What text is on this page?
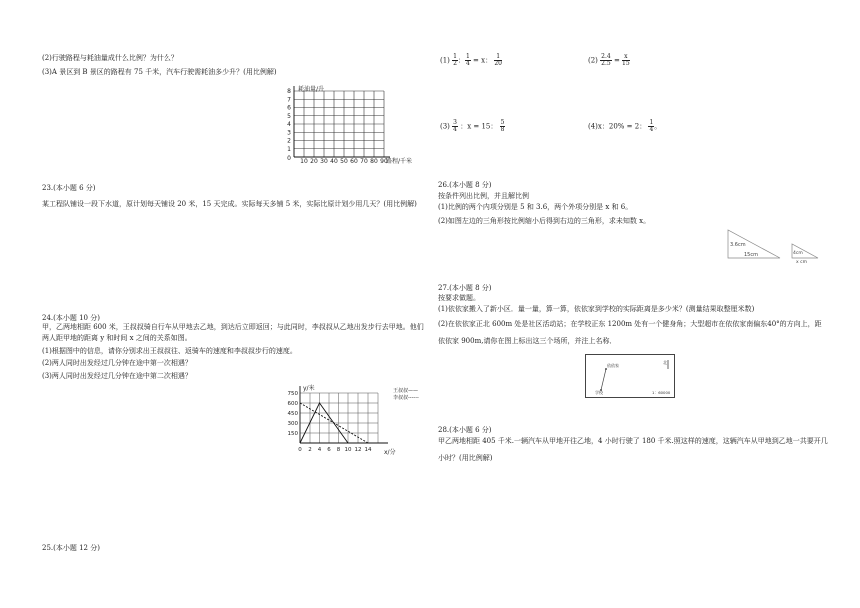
(2)行驶路程与耗油量成什么比例？为什么？
(3)A 景区到 B 景区的路程有 75 千米，汽车行驶需耗油多少升？(用比例解)
耗油量/升
路程/千米
8
7
6
5
4
3
2
1
0 10 20 30 40 50 60 70 80 90
23.(本小题 6 分)
某工程队铺设一段下水道，原计划每天铺设 20 米，15 天完成。实际每天多铺 5 米，实际比原计划少用几天？(用比例解)
24.(本小题 10 分)
甲，乙两地相距 600 米，王叔叔骑自行车从甲地去乙地，到达后立即返回；与此同时，李叔叔从乙地出发步行去甲地。他们两人距甲地的距离 y 和时间 x 之间的关系如图。
(1)根据图中的信息，请你分别求出王叔叔往、返骑车的速度和李叔叔步行的速度。
(2)两人同时出发经过几分钟在途中第一次相遇？
(3)两人同时出发经过几分钟在途中第二次相遇？
y/米
x/分
750
600
450
300
150
0 2 4 6 8 10 12 14
王叔叔——
李叔叔------
25.(本小题 12 分)
$(1) \frac{1}{2}$ ： $\frac{1}{4} = x$： $\frac{1}{20}$	$(2) \frac{2.4}{2.5} = \frac{x}{15}$
$(3) \frac{3}{4}$ ：x = 15： $\frac{5}{8}$	(4)x：20% = 2： $\frac{1}{4}$ 。
26.(本小题 8 分)
按条件列出比例，并且解比例
(1)比例的两个内项分别是 5 和 3.6，两个外项分别是 x 和 6。
(2)如图左边的三角形按比例缩小后得到右边的三角形，求未知数 x。
3.6cm
15cm	4cm
x cm
27.(本小题 8 分)
按要求做题。
(1)依依家搬入了新小区．量一量，算一算，依依家到学校的实际距离是多少米？(测量结果取整厘米数)
(2)在依依家正北 600m 处是社区活动站；在学校正东 1200m 处有一个健身角；大型超市在依依家南偏东40°的方向上，距依依家 900m,请你在图上标出这三个场所，并注上名称．
依依家
学校
北
1：60000
28.(本小题 6 分)
甲乙两地相距 405 千米.一辆汽车从甲地开往乙地，4 小时行驶了 180 千米.照这样的速度，这辆汽车从甲地到乙地一共要开几小时？(用比例解)
